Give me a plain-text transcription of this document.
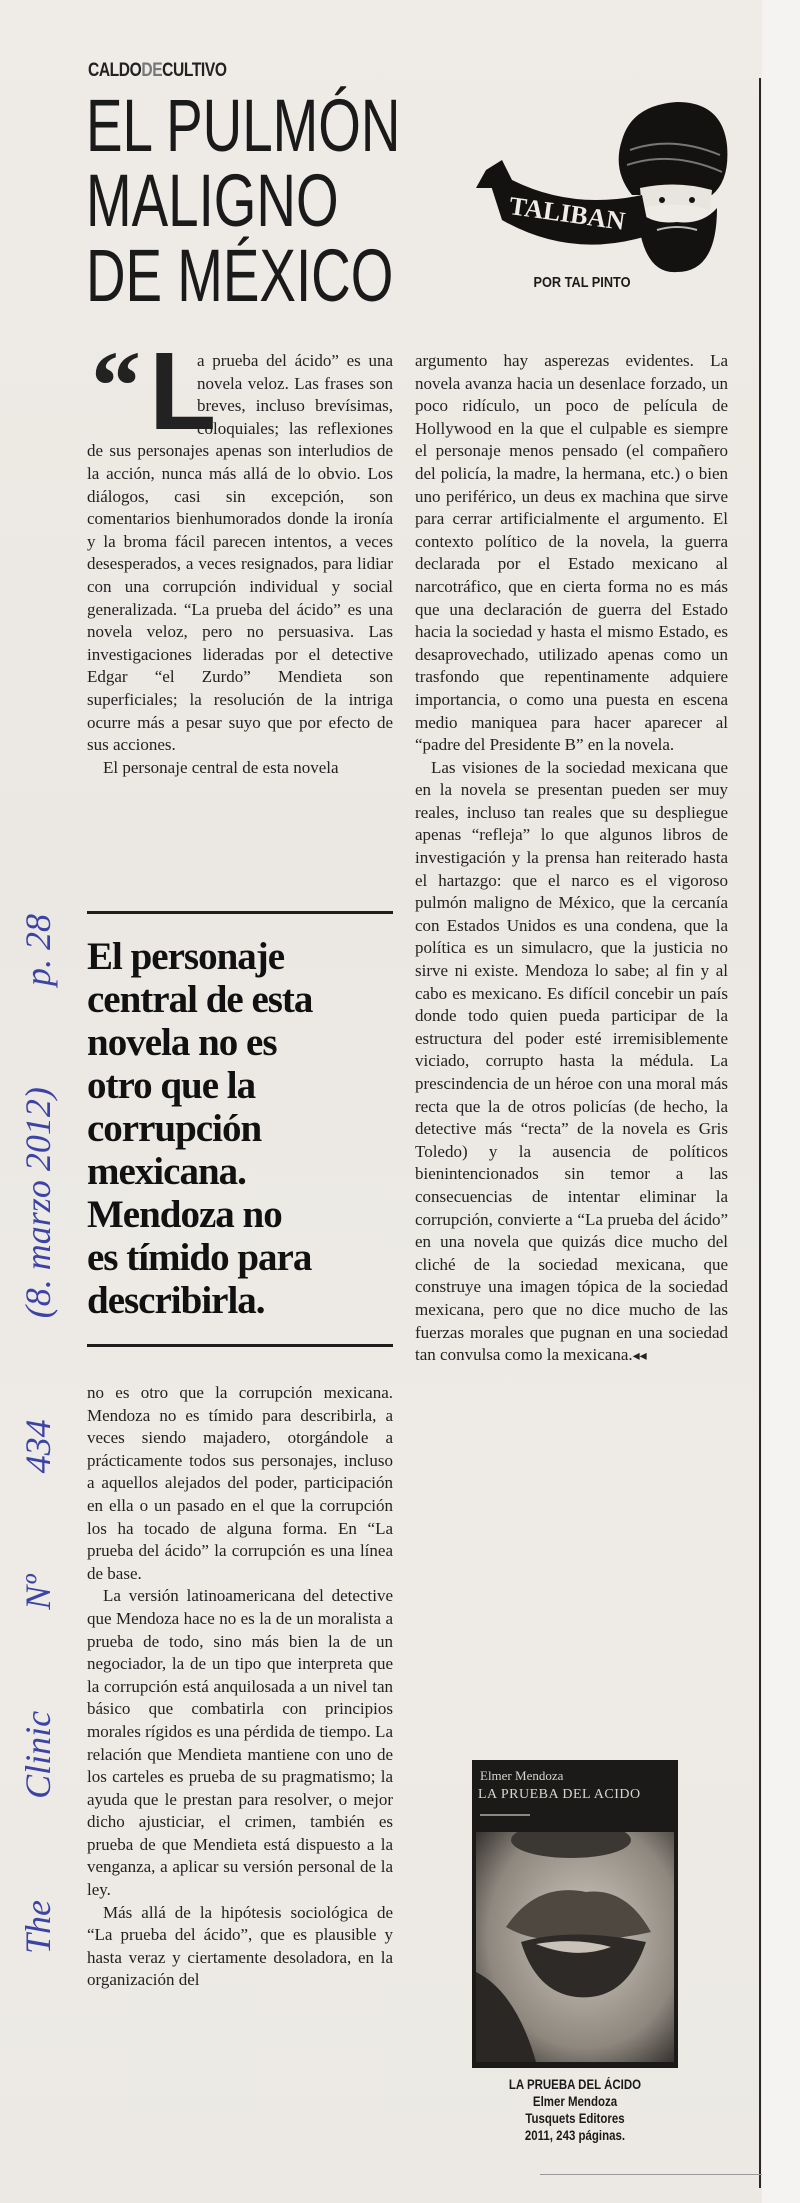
CALDODECULTIVO
EL PULMÓN
MALIGNO
DE MÉXICO
TALIBAN
POR TAL PINTO
“ L

a prueba del ácido” es una novela veloz. Las frases son breves, incluso brevísimas, coloquiales; las reflexiones de sus personajes apenas son interludios de la acción, nunca más allá de lo obvio. Los diálogos, casi sin excepción, son comentarios bienhumorados donde la ironía y la broma fácil parecen intentos, a veces desesperados, a veces resignados, para lidiar con una corrupción individual y social generalizada. “La prueba del ácido” es una novela veloz, pero no persuasiva. Las investigaciones lideradas por el detective Edgar “el Zurdo” Mendieta son superficiales; la resolución de la intriga ocurre más a pesar suyo que por efecto de sus acciones.

El personaje central de esta novela

El personaje
central de esta
novela no es
otro que la
corrupción
mexicana.
Mendoza no
es tímido para
describirla.

no es otro que la corrupción mexicana. Mendoza no es tímido para describirla, a veces siendo majadero, otorgándole a prácticamente todos sus personajes, incluso a aquellos alejados del poder, participación en ella o un pasado en el que la corrupción los ha tocado de alguna forma. En “La prueba del ácido” la corrupción es una línea de base.

La versión latinoamericana del detective que Mendoza hace no es la de un moralista a prueba de todo, sino más bien la de un negociador, la de un tipo que interpreta que la corrupción está anquilosada a un nivel tan básico que combatirla con principios morales rígidos es una pérdida de tiempo. La relación que Mendieta mantiene con uno de los carteles es prueba de su pragmatismo; la ayuda que le prestan para resolver, o mejor dicho ajusticiar, el crimen, también es prueba de que Mendieta está dispuesto a la venganza, a aplicar su versión personal de la ley.

Más allá de la hipótesis sociológica de “La prueba del ácido”, que es plausible y hasta veraz y ciertamente desoladora, en la organización del

argumento hay asperezas evidentes. La novela avanza hacia un desenlace forzado, un poco ridículo, un poco de película de Hollywood en la que el culpable es siempre el personaje menos pensado (el compañero del policía, la madre, la hermana, etc.) o bien uno periférico, un deus ex machina que sirve para cerrar artificialmente el argumento. El contexto político de la novela, la guerra declarada por el Estado mexicano al narcotráfico, que en cierta forma no es más que una declaración de guerra del Estado hacia la sociedad y hasta el mismo Estado, es desaprovechado, utilizado apenas como un trasfondo que repentinamente adquiere importancia, o como una puesta en escena medio maniquea para hacer aparecer al “padre del Presidente B” en la novela.

Las visiones de la sociedad mexicana que en la novela se presentan pueden ser muy reales, incluso tan reales que su despliegue apenas “refleja” lo que algunos libros de investigación y la prensa han reiterado hasta el hartazgo: que el narco es el vigoroso pulmón maligno de México, que la cercanía con Estados Unidos es una condena, que la política es un simulacro, que la justicia no sirve ni existe. Mendoza lo sabe; al fin y al cabo es mexicano. Es difícil concebir un país donde todo quien pueda participar de la estructura del poder esté irremisiblemente viciado, corrupto hasta la médula. La prescindencia de un héroe con una moral más recta que la de otros policías (de hecho, la detective más “recta” de la novela es Gris Toledo) y la ausencia de políticos bienintencionados sin temor a las consecuencias de intentar eliminar la corrupción, convierte a “La prueba del ácido” en una novela que quizás dice mucho del cliché de la sociedad mexicana, que construye una imagen tópica de la sociedad mexicana, pero que no dice mucho de las fuerzas morales que pugnan en una sociedad tan convulsa como la mexicana.◂◂

Elmer Mendoza
LA PRUEBA DEL ACIDO
LA PRUEBA DEL ÁCIDO
Elmer Mendoza
Tusquets Editores
2011, 243 páginas.
The
Clinic
Nº
434
(8. marzo 2012)
p. 28
